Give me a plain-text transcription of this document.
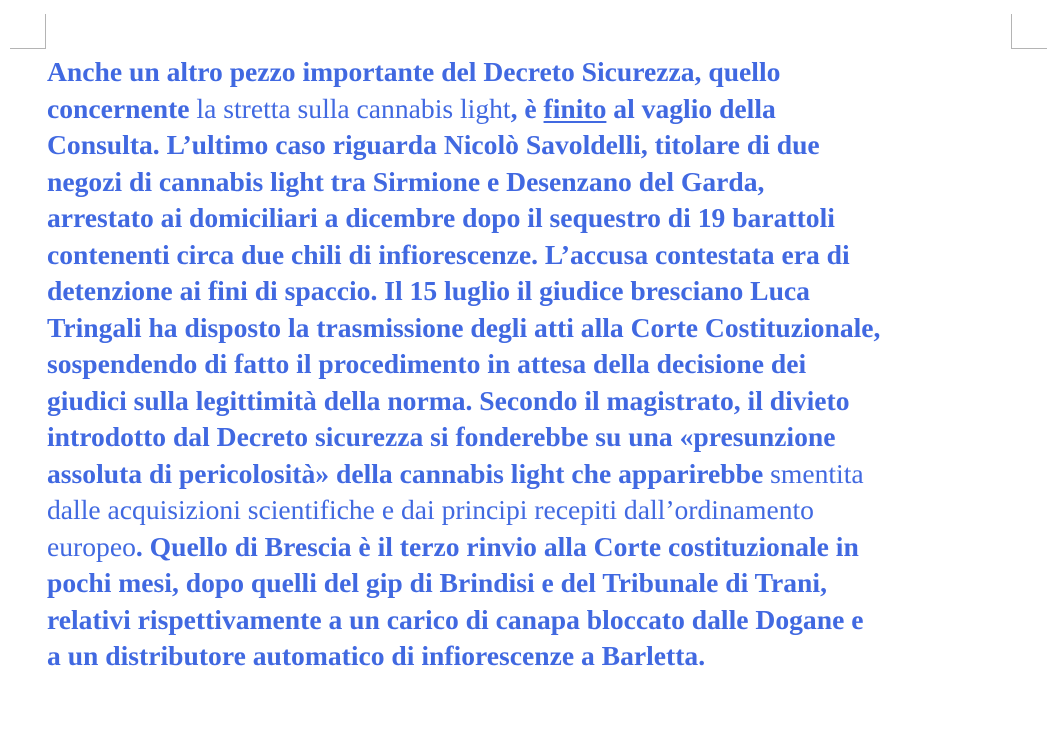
Anche un altro pezzo importante del Decreto Sicurezza, quello
concernente la stretta sulla cannabis light, è finito al vaglio della
Consulta. L’ultimo caso riguarda Nicolò Savoldelli, titolare di due
negozi di cannabis light tra Sirmione e Desenzano del Garda,
arrestato ai domiciliari a dicembre dopo il sequestro di 19 barattoli
contenenti circa due chili di infiorescenze. L’accusa contestata era di
detenzione ai fini di spaccio. Il 15 luglio il giudice bresciano Luca
Tringali ha disposto la trasmissione degli atti alla Corte Costituzionale,
sospendendo di fatto il procedimento in attesa della decisione dei
giudici sulla legittimità della norma. Secondo il magistrato, il divieto
introdotto dal Decreto sicurezza si fonderebbe su una «presunzione
assoluta di pericolosità» della cannabis light che apparirebbe smentita
dalle acquisizioni scientifiche e dai principi recepiti dall’ordinamento
europeo. Quello di Brescia è il terzo rinvio alla Corte costituzionale in
pochi mesi, dopo quelli del gip di Brindisi e del Tribunale di Trani,
relativi rispettivamente a un carico di canapa bloccato dalle Dogane e
a un distributore automatico di infiorescenze a Barletta.
